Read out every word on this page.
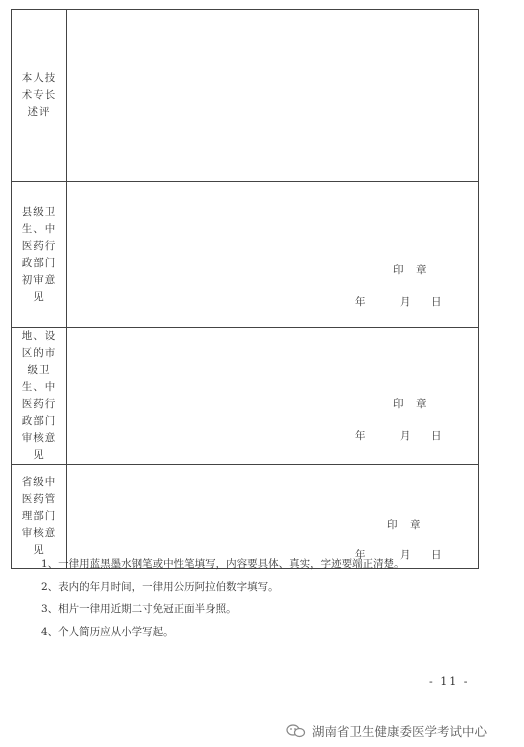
本人技术专长述评	
县级卫生、中医药行政部门初审意见	印　章
年 月 日

地、设区的市级卫生、中医药行政部门审核意见	印　章
年 月 日

省级中医药管理部门审核意见	印　章
年 月 日
1、一律用蓝黑墨水钢笔或中性笔填写，内容要具体、真实，字迹要端正清楚。
2、表内的年月时间，一律用公历阿拉伯数字填写。
3、相片一律用近期二寸免冠正面半身照。
4、个人简历应从小学写起。
- 11 -
湖南省卫生健康委医学考试中心
